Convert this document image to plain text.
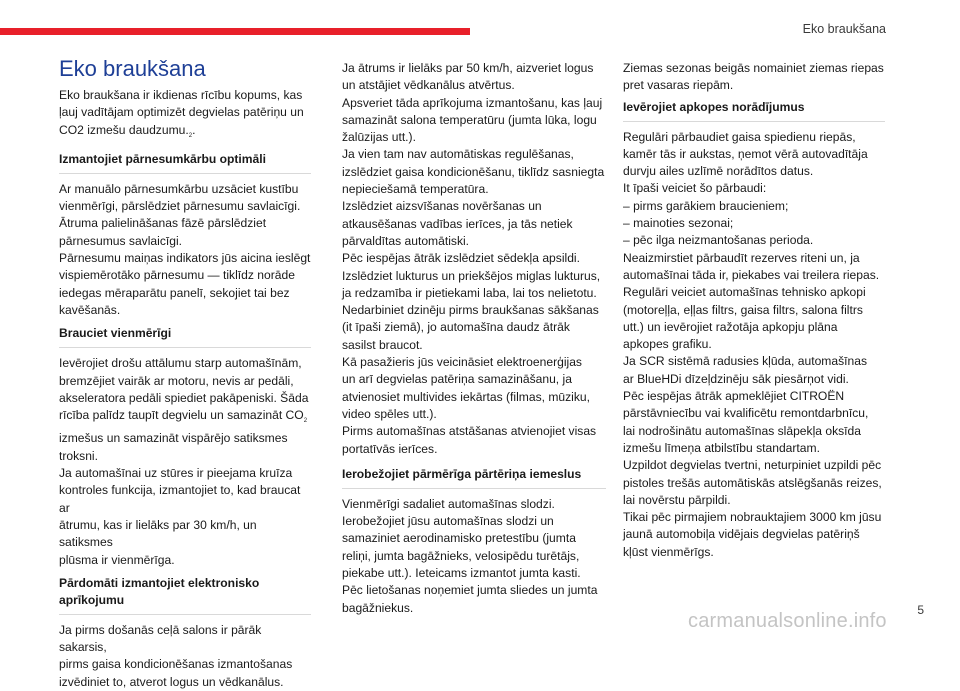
Eko braukšana
Eko braukšana

Eko braukšana ir ikdienas rīcību kopums, kas
ļauj vadītājam optimizēt degvielas patēriņu un
CO2 izmešu $daudzumu._2$.

Izmantojiet pārnesumkārbu optimāli

Ar manuālo pārnesumkārbu uzsāciet kustību
vienmērīgi, pārslēdziet pārnesumu savlaicīgi.
Ātruma palielināšanas fāzē pārslēdziet
pārnesumus savlaicīgi.
Pārnesumu maiņas indikators jūs aicina ieslēgt
vispiemērotāko pārnesumu — tiklīdz norāde
iedegas mēraparātu panelī, sekojiet tai bez
kavēšanās.

Brauciet vienmērīgi

Ievērojiet drošu attālumu starp automašīnām,
bremzējiet vairāk ar motoru, nevis ar pedāli,
akseleratora pedāli spiediet pakāpeniski. Šāda
rīcība palīdz taupīt degvielu un samazināt $CO_2$
izmešus un samazināt vispārējo satiksmes
troksni.
Ja automašīnai uz stūres ir pieejama kruīza
kontroles funkcija, izmantojiet to, kad braucat ar
ātrumu, kas ir lielāks par 30 km/h, un satiksmes
plūsma ir vienmērīga.

Pārdomāti izmantojiet elektronisko
aprīkojumu

Ja pirms došanās ceļā salons ir pārāk sakarsis,
pirms gaisa kondicionēšanas izmantošanas
izvēdiniet to, atverot logus un vēdkanālus.

Ja ātrums ir lielāks par 50 km/h, aizveriet logus
un atstājiet vēdkanālus atvērtus.
Apsveriet tāda aprīkojuma izmantošanu, kas ļauj
samazināt salona temperatūru (jumta lūka, logu
žalūzijas utt.).
Ja vien tam nav automātiskas regulēšanas,
izslēdziet gaisa kondicionēšanu, tiklīdz sasniegta
nepieciešamā temperatūra.
Izslēdziet aizsvīšanas novēršanas un
atkausēšanas vadības ierīces, ja tās netiek
pārvaldītas automātiski.
Pēc iespējas ātrāk izslēdziet sēdekļa apsildi.
Izslēdziet lukturus un priekšējos miglas lukturus,
ja redzamība ir pietiekami laba, lai tos nelietotu.
Nedarbiniet dzinēju pirms braukšanas sākšanas
(it īpaši ziemā), jo automašīna daudz ātrāk
sasilst braucot.
Kā pasažieris jūs veicināsiet elektroenerģijas
un arī degvielas patēriņa samazināšanu, ja
atvienosiet multivides iekārtas (filmas, mūziku,
video spēles utt.).
Pirms automašīnas atstāšanas atvienojiet visas
portatīvās ierīces.

Ierobežojiet pārmērīga pārtēriņa iemeslus

Vienmērīgi sadaliet automašīnas slodzi.
Ierobežojiet jūsu automašīnas slodzi un
samaziniet aerodinamisko pretestību (jumta
reliņi, jumta bagāžnieks, velosipēdu turētājs,
piekabe utt.). Ieteicams izmantot jumta kasti.
Pēc lietošanas noņemiet jumta sliedes un jumta
bagāžniekus.

Ziemas sezonas beigās nomainiet ziemas riepas
pret vasaras riepām.

Ievērojiet apkopes norādījumus

Regulāri pārbaudiet gaisa spiedienu riepās,
kamēr tās ir aukstas, ņemot vērā autovadītāja
durvju ailes uzlīmē norādītos datus.
It īpaši veiciet šo pārbaudi:
– pirms garākiem braucieniem;
– mainoties sezonai;
– pēc ilga neizmantošanas perioda.
Neaizmirstiet pārbaudīt rezerves riteni un, ja
automašīnai tāda ir, piekabes vai treilera riepas.
Regulāri veiciet automašīnas tehnisko apkopi
(motoreļļa, eļļas filtrs, gaisa filtrs, salona filtrs
utt.) un ievērojiet ražotāja apkopju plāna
apkopes grafiku.
Ja SCR sistēmā radusies kļūda, automašīnas
ar BlueHDi dīzeļdzinēju sāk piesārņot vidi.
Pēc iespējas ātrāk apmeklējiet CITROËN
pārstāvniecību vai kvalificētu remontdarbnīcu,
lai nodrošinātu automašīnas slāpekļa oksīda
izmešu līmeņa atbilstību standartam.
Uzpildot degvielas tvertni, neturpiniet uzpildi pēc
pistoles trešās automātiskās atslēgšanās reizes,
lai novērstu pārpildi.
Tikai pēc pirmajiem nobrauktajiem 3000 km jūsu
jaunā automobiļa vidējais degvielas patēriņš
kļūst vienmērīgs.

5
carmanualsonline.info
